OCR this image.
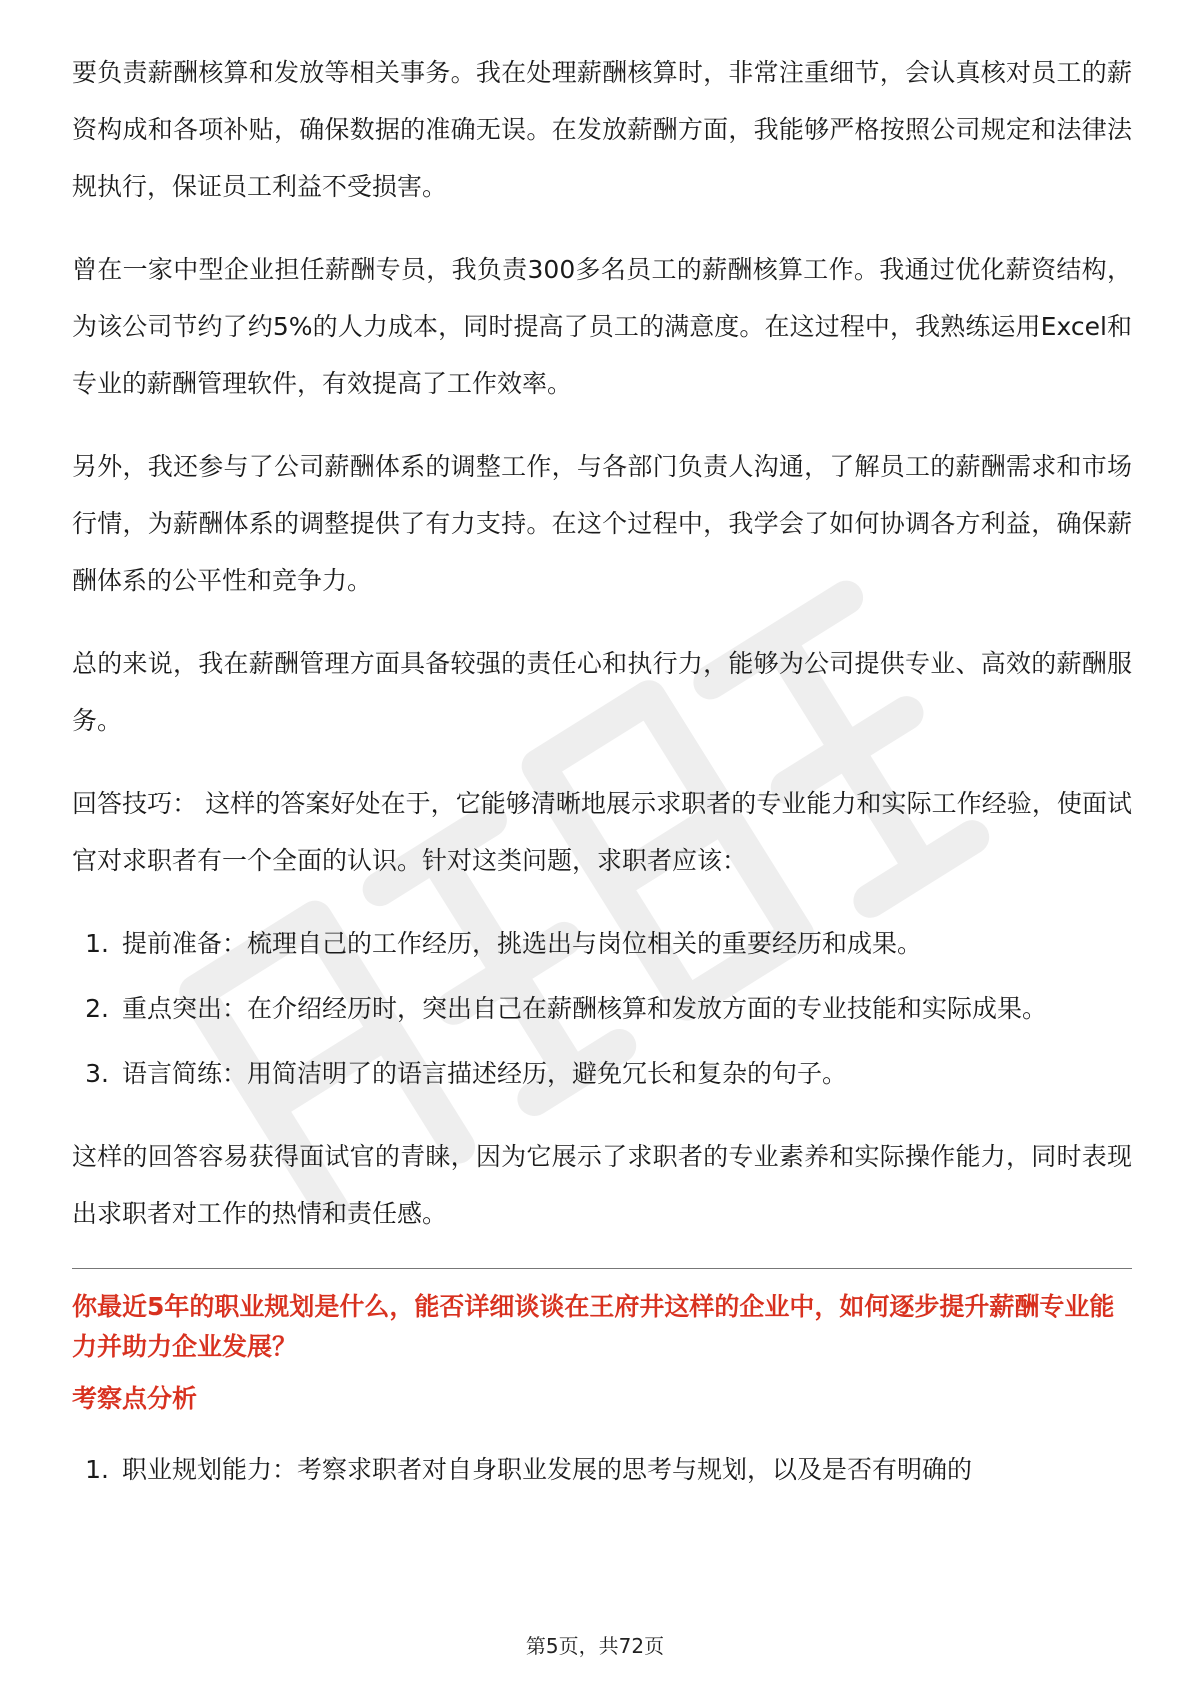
要负责薪酬核算和发放等相关事务。我在处理薪酬核算时，非常注重细节，会认真核对员工的薪资构成和各项补贴，确保数据的准确无误。在发放薪酬方面，我能够严格按照公司规定和法律法规执行，保证员工利益不受损害。

曾在一家中型企业担任薪酬专员，我负责300多名员工的薪酬核算工作。我通过优化薪资结构，为该公司节约了约5%的人力成本，同时提高了员工的满意度。在这过程中，我熟练运用Excel和专业的薪酬管理软件，有效提高了工作效率。

另外，我还参与了公司薪酬体系的调整工作，与各部门负责人沟通，了解员工的薪酬需求和市场行情，为薪酬体系的调整提供了有力支持。在这个过程中，我学会了如何协调各方利益，确保薪酬体系的公平性和竞争力。

总的来说，我在薪酬管理方面具备较强的责任心和执行力，能够为公司提供专业、高效的薪酬服务。

回答技巧： 这样的答案好处在于，它能够清晰地展示求职者的专业能力和实际工作经验，使面试官对求职者有一个全面的认识。针对这类问题，求职者应该：

1. 提前准备：梳理自己的工作经历，挑选出与岗位相关的重要经历和成果。
2. 重点突出：在介绍经历时，突出自己在薪酬核算和发放方面的专业技能和实际成果。
3. 语言简练：用简洁明了的语言描述经历，避免冗长和复杂的句子。

这样的回答容易获得面试官的青睐，因为它展示了求职者的专业素养和实际操作能力，同时表现出求职者对工作的热情和责任感。

你最近5年的职业规划是什么，能否详细谈谈在王府井这样的企业中，如何逐步提升薪酬专业能力并助力企业发展？
考察点分析
1. 职业规划能力：考察求职者对自身职业发展的思考与规划，以及是否有明确的
第5页，共72页
